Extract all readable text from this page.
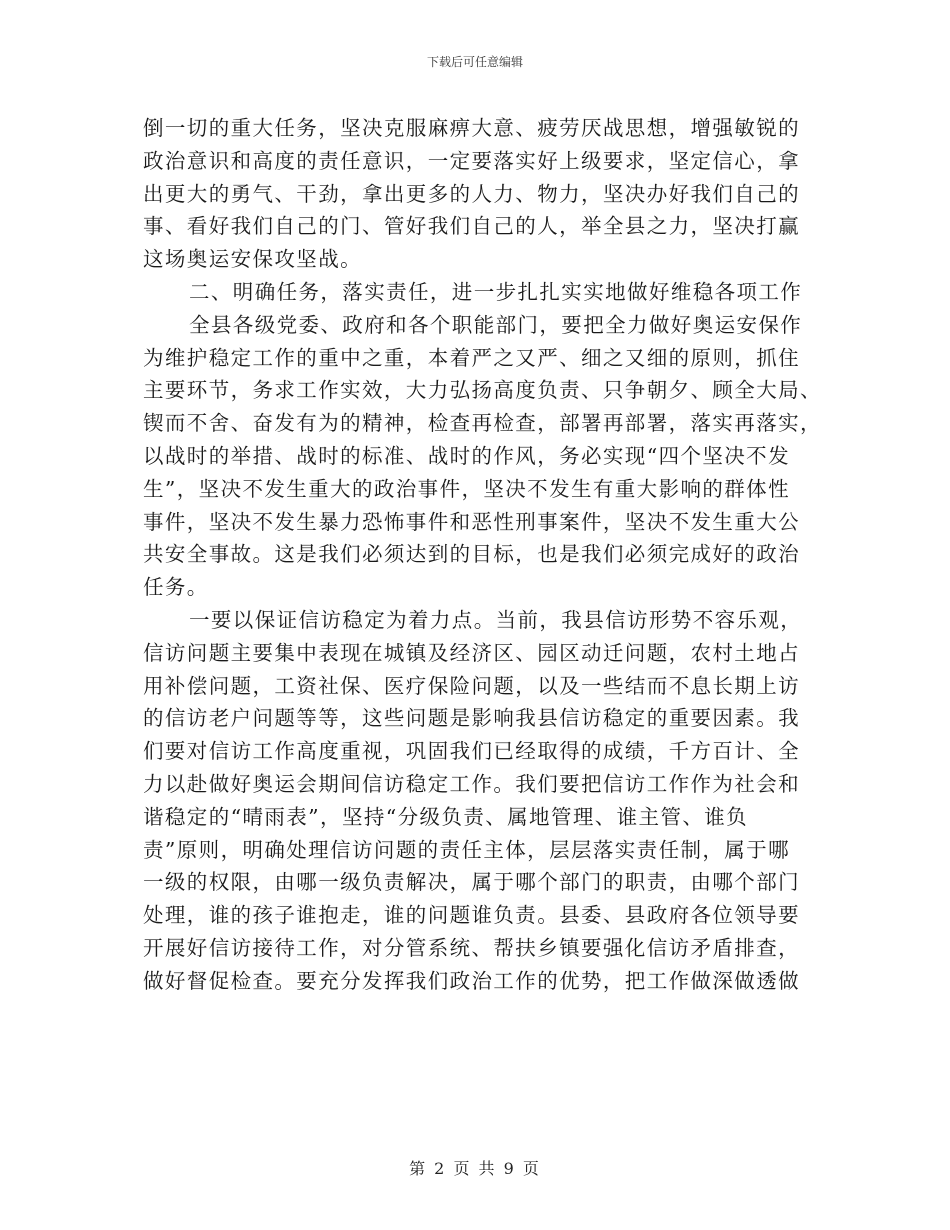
下载后可任意编辑
倒一切的重大任务，坚决克服麻痹大意、疲劳厌战思想，增强敏锐的
政治意识和高度的责任意识，一定要落实好上级要求，坚定信心，拿
出更大的勇气、干劲，拿出更多的人力、物力，坚决办好我们自己的
事、看好我们自己的门、管好我们自己的人，举全县之力，坚决打赢
这场奥运安保攻坚战。
二、明确任务，落实责任，进一步扎扎实实地做好维稳各项工作
全县各级党委、政府和各个职能部门，要把全力做好奥运安保作
为维护稳定工作的重中之重，本着严之又严、细之又细的原则，抓住
主要环节，务求工作实效，大力弘扬高度负责、只争朝夕、顾全大局、
锲而不舍、奋发有为的精神，检查再检查，部署再部署，落实再落实，
以战时的举措、战时的标准、战时的作风，务必实现“四个坚决不发
生”，坚决不发生重大的政治事件，坚决不发生有重大影响的群体性
事件，坚决不发生暴力恐怖事件和恶性刑事案件，坚决不发生重大公
共安全事故。这是我们必须达到的目标，也是我们必须完成好的政治
任务。
一要以保证信访稳定为着力点。当前，我县信访形势不容乐观，
信访问题主要集中表现在城镇及经济区、园区动迁问题，农村土地占
用补偿问题，工资社保、医疗保险问题，以及一些结而不息长期上访
的信访老户问题等等，这些问题是影响我县信访稳定的重要因素。我
们要对信访工作高度重视，巩固我们已经取得的成绩，千方百计、全
力以赴做好奥运会期间信访稳定工作。我们要把信访工作作为社会和
谐稳定的“晴雨表”，坚持“分级负责、属地管理、谁主管、谁负
责”原则，明确处理信访问题的责任主体，层层落实责任制，属于哪
一级的权限，由哪一级负责解决，属于哪个部门的职责，由哪个部门
处理，谁的孩子谁抱走，谁的问题谁负责。县委、县政府各位领导要
开展好信访接待工作，对分管系统、帮扶乡镇要强化信访矛盾排查，
做好督促检查。要充分发挥我们政治工作的优势，把工作做深做透做
第 2 页 共 9 页
